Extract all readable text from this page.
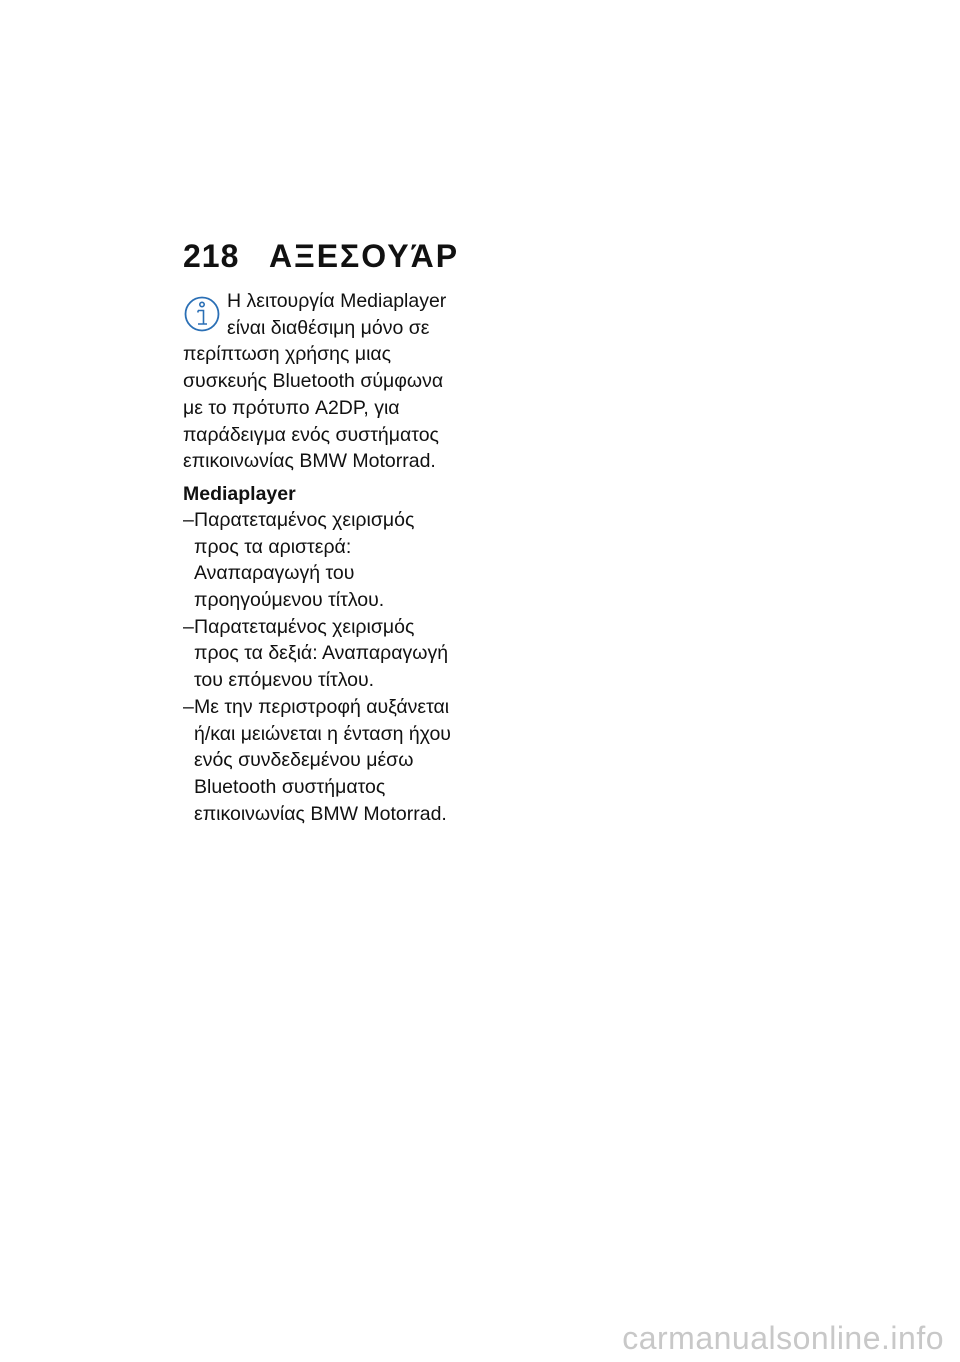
218 ΑΞΕΣΟΥΆΡ

Η λειτουργία Mediaplayer είναι διαθέσιμη μόνο σε περίπτωση χρήσης μιας συσκευής Bluetooth σύμφωνα με το πρότυπο A2DP, για παράδειγμα ενός συστήματος επικοινωνίας BMW Motorrad.

Mediaplayer
– Παρατεταμένος χειρισμός προς τα αριστερά: Αναπαραγωγή του προηγούμενου τίτλου.
– Παρατεταμένος χειρισμός προς τα δεξιά: Αναπαραγωγή του επόμενου τίτλου.
– Με την περιστροφή αυξάνεται ή/και μειώνεται η ένταση ήχου ενός συνδεδεμένου μέσω Bluetooth συστήματος επικοινωνίας BMW Motorrad.
carmanualsonline.info
